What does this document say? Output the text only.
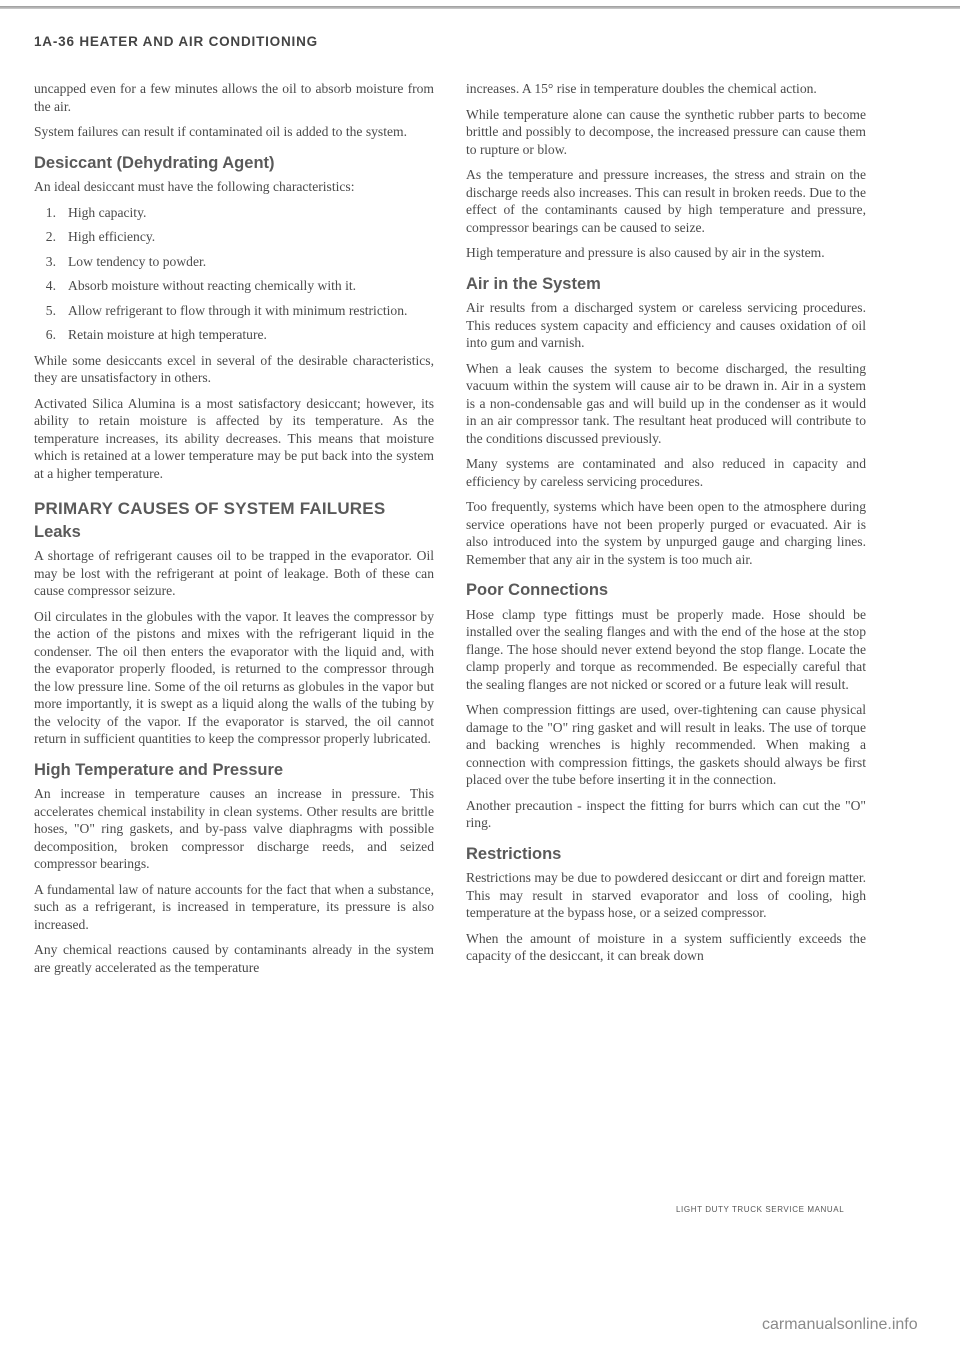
1A-36 HEATER AND AIR CONDITIONING

uncapped even for a few minutes allows the oil to absorb moisture from the air.

System failures can result if contaminated oil is added to the system.

Desiccant (Dehydrating Agent)

An ideal desiccant must have the following characteristics:

1. High capacity.
2. High efficiency.
3. Low tendency to powder.
4. Absorb moisture without reacting chemically with it.
5. Allow refrigerant to flow through it with minimum restriction.
6. Retain moisture at high temperature.

While some desiccants excel in several of the desirable characteristics, they are unsatisfactory in others.

Activated Silica Alumina is a most satisfactory desiccant; however, its ability to retain moisture is affected by its temperature. As the temperature increases, its ability decreases. This means that moisture which is retained at a lower temperature may be put back into the system at a higher temperature.

PRIMARY CAUSES OF SYSTEM FAILURES
Leaks

A shortage of refrigerant causes oil to be trapped in the evaporator. Oil may be lost with the refrigerant at point of leakage. Both of these can cause compressor seizure.

Oil circulates in the globules with the vapor. It leaves the compressor by the action of the pistons and mixes with the refrigerant liquid in the condenser. The oil then enters the evaporator with the liquid and, with the evaporator properly flooded, is returned to the compressor through the low pressure line. Some of the oil returns as globules in the vapor but more importantly, it is swept as a liquid along the walls of the tubing by the velocity of the vapor. If the evaporator is starved, the oil cannot return in sufficient quantities to keep the compressor properly lubricated.

High Temperature and Pressure

An increase in temperature causes an increase in pressure. This accelerates chemical instability in clean systems. Other results are brittle hoses, "O" ring gaskets, and by-pass valve diaphragms with possible decomposition, broken compressor discharge reeds, and seized compressor bearings.

A fundamental law of nature accounts for the fact that when a substance, such as a refrigerant, is increased in temperature, its pressure is also increased.

Any chemical reactions caused by contaminants already in the system are greatly accelerated as the temperature

increases. A 15° rise in temperature doubles the chemical action.

While temperature alone can cause the synthetic rubber parts to become brittle and possibly to decompose, the increased pressure can cause them to rupture or blow.

As the temperature and pressure increases, the stress and strain on the discharge reeds also increases. This can result in broken reeds. Due to the effect of the contaminants caused by high temperature and pressure, compressor bearings can be caused to seize.

High temperature and pressure is also caused by air in the system.

Air in the System

Air results from a discharged system or careless servicing procedures. This reduces system capacity and efficiency and causes oxidation of oil into gum and varnish.

When a leak causes the system to become discharged, the resulting vacuum within the system will cause air to be drawn in. Air in a system is a non-condensable gas and will build up in the condenser as it would in an air compressor tank. The resultant heat produced will contribute to the conditions discussed previously.

Many systems are contaminated and also reduced in capacity and efficiency by careless servicing procedures.

Too frequently, systems which have been open to the atmosphere during service operations have not been properly purged or evacuated. Air is also introduced into the system by unpurged gauge and charging lines. Remember that any air in the system is too much air.

Poor Connections

Hose clamp type fittings must be properly made. Hose should be installed over the sealing flanges and with the end of the hose at the stop flange. The hose should never extend beyond the stop flange. Locate the clamp properly and torque as recommended. Be especially careful that the sealing flanges are not nicked or scored or a future leak will result.

When compression fittings are used, over-tightening can cause physical damage to the "O" ring gasket and will result in leaks. The use of torque and backing wrenches is highly recommended. When making a connection with compression fittings, the gaskets should always be first placed over the tube before inserting it in the connection.

Another precaution - inspect the fitting for burrs which can cut the "O" ring.

Restrictions

Restrictions may be due to powdered desiccant or dirt and foreign matter. This may result in starved evaporator and loss of cooling, high temperature at the bypass hose, or a seized compressor.

When the amount of moisture in a system sufficiently exceeds the capacity of the desiccant, it can break down

LIGHT DUTY TRUCK SERVICE MANUAL
carmanualsonline.info
